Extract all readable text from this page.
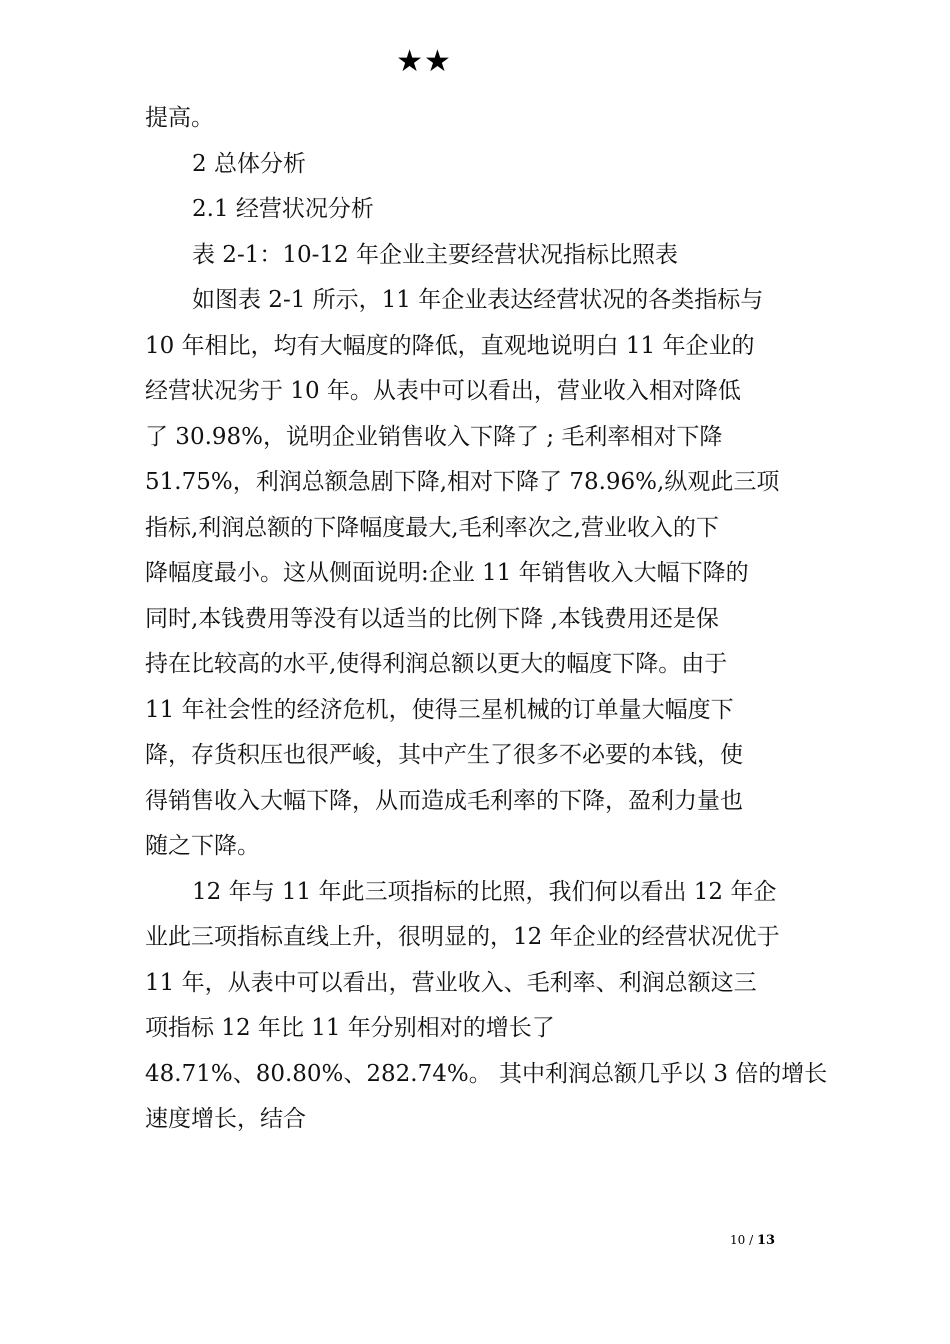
★★
提高。
2 总体分析
2.1 经营状况分析
表 2-1：10-12 年企业主要经营状况指标比照表
如图表 2-1 所示，11 年企业表达经营状况的各类指标与
10 年相比，均有大幅度的降低，直观地说明白 11 年企业的
经营状况劣于 10 年。从表中可以看出，营业收入相对降低
了 30.98%，说明企业销售收入下降了 ; 毛利率相对下降
51.75%，利润总额急剧下降,相对下降了 78.96%,纵观此三项
指标,利润总额的下降幅度最大,毛利率次之,营业收入的下
降幅度最小。这从侧面说明:企业 11 年销售收入大幅下降的
同时,本钱费用等没有以适当的比例下降 ,本钱费用还是保
持在比较高的水平,使得利润总额以更大的幅度下降。由于
11 年社会性的经济危机，使得三星机械的订单量大幅度下
降，存货积压也很严峻，其中产生了很多不必要的本钱，使
得销售收入大幅下降，从而造成毛利率的下降，盈利力量也
随之下降。
12 年与 11 年此三项指标的比照，我们何以看出 12 年企
业此三项指标直线上升，很明显的，12 年企业的经营状况优于
11 年，从表中可以看出，营业收入、毛利率、利润总额这三
项指标 12 年比 11 年分别相对的增长了
48.71%、80.80%、282.74%。 其中利润总额几乎以 3 倍的增长
速度增长，结合
10 / 13
